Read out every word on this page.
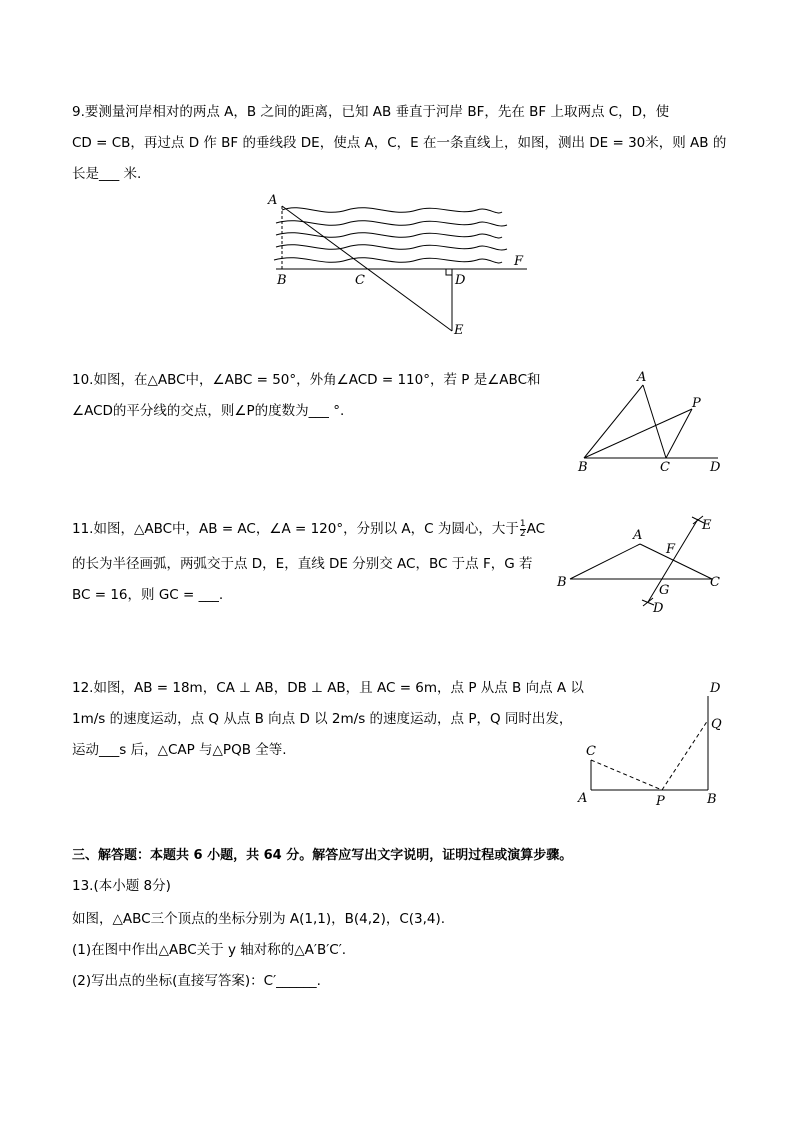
9.要测量河岸相对的两点 A，B 之间的距离，已知 AB 垂直于河岸 BF，先在 BF 上取两点 C，D，使
CD = CB，再过点 D 作 BF 的垂线段 DE，使点 A，C，E 在一条直线上，如图，测出 DE = 30米，则 AB 的
长是___ 米.
A
B	C	D
E
F
10.如图，在△ABC中，∠ABC = 50°，外角∠ACD = 110°，若 P 是∠ABC和
∠ACD的平分线的交点，则∠P的度数为___ °.
A
B	C	D
P
11.如图，△ABC中，AB = AC，∠A = 120°，分别以 A，C 为圆心，大于 $\frac{1}{2}$ AC
的长为半径画弧，两弧交于点 D，E，直线 DE 分别交 AC，BC 于点 F，G 若
BC = 16，则 GC = ___.
A
B	C
D
E
F
G
12.如图，AB = 18m，CA ⊥ AB，DB ⊥ AB，且 AC = 6m，点 P 从点 B 向点 A 以
1m/s 的速度运动，点 Q 从点 B 向点 D 以 2m/s 的速度运动，点 P，Q 同时出发，
运动___s 后，△CAP 与△PQB 全等.	C
A	P	B
Q
D
三、解答题：本题共 6 小题，共 64 分。解答应写出文字说明，证明过程或演算步骤。
13.(本小题 8分)
如图，△ABC三个顶点的坐标分别为 A(1,1)，B(4,2)，C(3,4).
(1)在图中作出△ABC关于 y 轴对称的△A′B′C′.
(2)写出点的坐标(直接写答案)：C′______.
